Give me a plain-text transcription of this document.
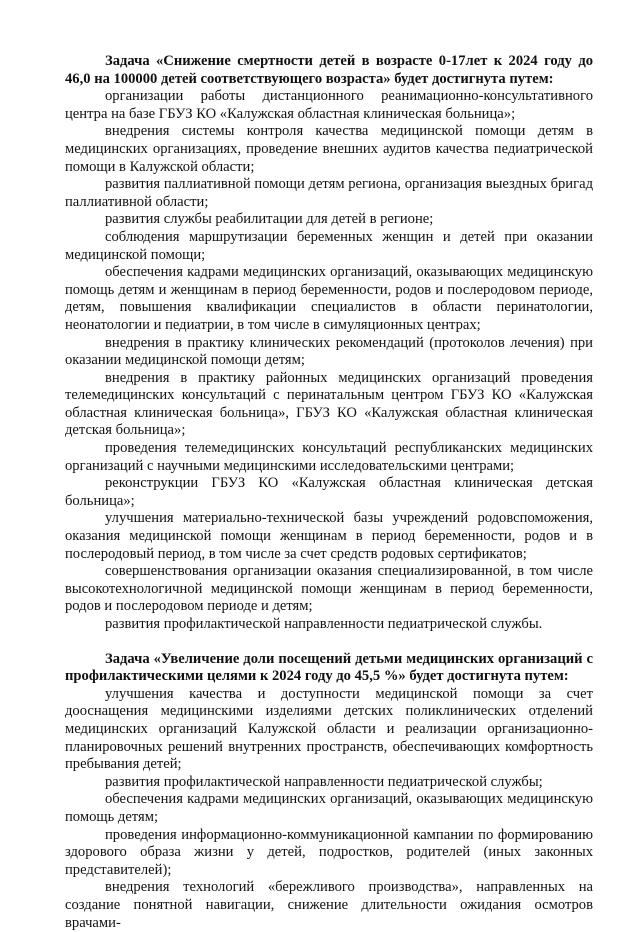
Задача «Снижение смертности детей в возрасте 0-17лет к 2024 году до 46,0 на 100000 детей соответствующего возраста» будет достигнута путем:

организации работы дистанционного реанимационно-консультативного центра на базе ГБУЗ КО «Калужская областная клиническая больница»;

внедрения системы контроля качества медицинской помощи детям в медицинских организациях, проведение внешних аудитов качества педиатрической помощи в Калужской области;

развития паллиативной помощи детям региона, организация выездных бригад паллиативной области;

развития службы реабилитации для детей в регионе;

соблюдения маршрутизации беременных женщин и детей при оказании медицинской помощи;

обеспечения кадрами медицинских организаций, оказывающих медицинскую помощь детям и женщинам в период беременности, родов и послеродовом периоде, детям, повышения квалификации специалистов в области перинатологии, неонатологии и педиатрии, в том числе в симуляционных центрах;

внедрения в практику клинических рекомендаций (протоколов лечения) при оказании медицинской помощи детям;

внедрения в практику районных медицинских организаций проведения телемедицинских консультаций с перинатальным центром ГБУЗ КО «Калужская областная клиническая больница», ГБУЗ КО «Калужская областная клиническая детская больница»;

проведения телемедицинских консультаций республиканских медицинских организаций с научными медицинскими исследовательскими центрами;

реконструкции ГБУЗ КО «Калужская областная клиническая детская больница»;

улучшения материально-технической базы учреждений родовспоможения, оказания медицинской помощи женщинам в период беременности, родов и в послеродовый период, в том числе за счет средств родовых сертификатов;

совершенствования организации оказания специализированной, в том числе высокотехнологичной медицинской помощи женщинам в период беременности, родов и послеродовом периоде и детям;

развития профилактической направленности педиатрической службы.

Задача «Увеличение доли посещений детьми медицинских организаций с профилактическими целями к 2024 году до 45,5 %» будет достигнута путем:

улучшения качества и доступности медицинской помощи за счет дооснащения медицинскими изделиями детских поликлинических отделений медицинских организаций Калужской области и реализации организационно-планировочных решений внутренних пространств, обеспечивающих комфортность пребывания детей;

развития профилактической направленности педиатрической службы;

обеспечения кадрами медицинских организаций, оказывающих медицинскую помощь детям;

проведения информационно-коммуникационной кампании по формированию здорового образа жизни у детей, подростков, родителей (иных законных представителей);

внедрения технологий «бережливого производства», направленных на создание понятной навигации, снижение длительности ожидания осмотров врачами-
